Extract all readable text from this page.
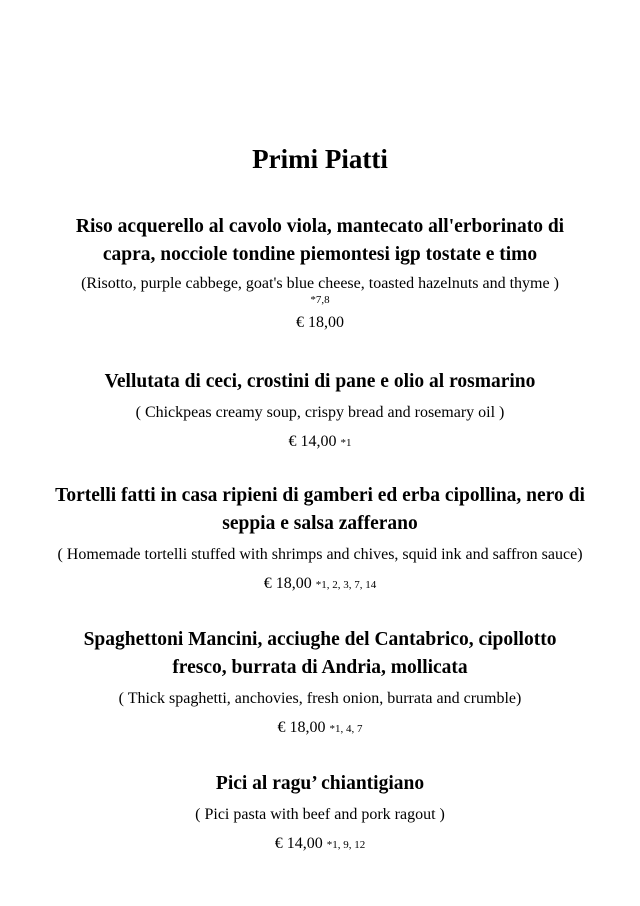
Primi Piatti
Riso acquerello al cavolo viola, mantecato all'erborinato di capra, nocciole tondine piemontesi igp tostate e timo
(Risotto, purple cabbege, goat's blue cheese, toasted hazelnuts and thyme )
*7,8
€ 18,00
Vellutata di ceci, crostini di pane e olio al rosmarino
( Chickpeas creamy soup, crispy bread and rosemary oil )
€ 14,00 *1
Tortelli fatti in casa ripieni di gamberi ed erba cipollina, nero di seppia e salsa zafferano
( Homemade tortelli stuffed with shrimps and chives, squid ink and saffron sauce)
€ 18,00 *1, 2, 3, 7, 14
Spaghettoni Mancini, acciughe del Cantabrico, cipollotto fresco, burrata di Andria, mollicata
( Thick spaghetti, anchovies, fresh onion, burrata and crumble)
€ 18,00 *1, 4, 7
Pici al ragu’ chiantigiano
( Pici pasta with beef and pork ragout )
€ 14,00 *1, 9, 12
